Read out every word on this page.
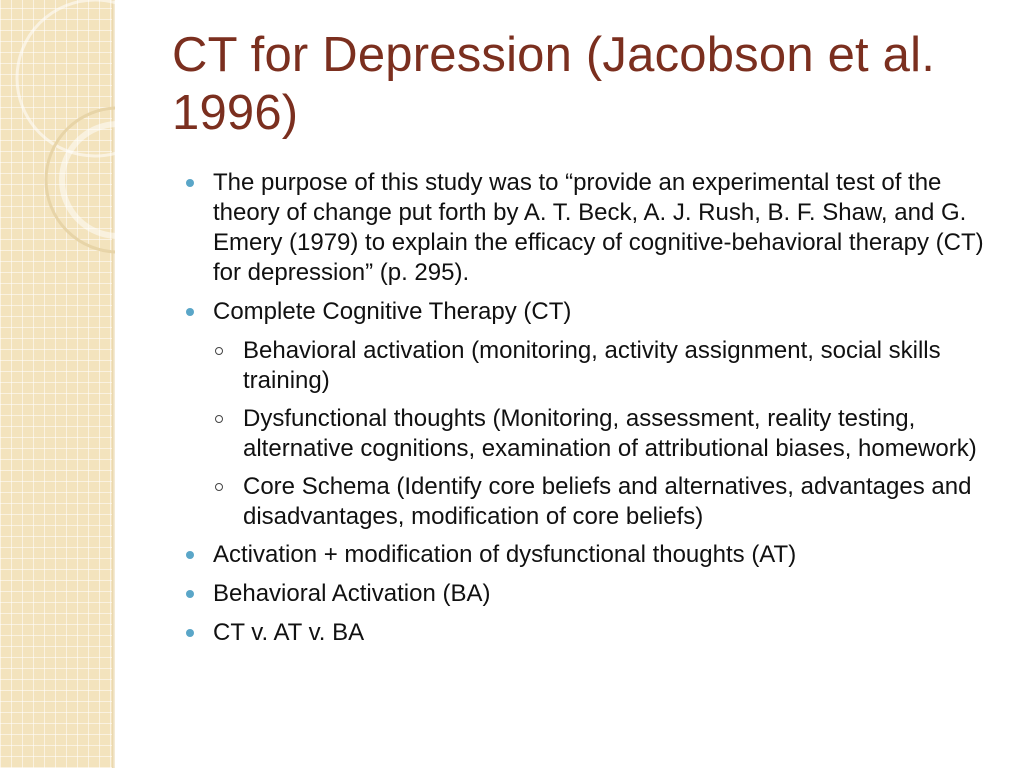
CT for Depression (Jacobson et al. 1996)
The purpose of this study was to “provide an experimental test of the theory of change put forth by A. T. Beck, A. J. Rush, B. F. Shaw, and G. Emery (1979) to explain the efficacy of cognitive-behavioral therapy (CT) for depression” (p. 295).
Complete Cognitive Therapy (CT)
Behavioral activation (monitoring, activity assignment, social skills training)
Dysfunctional thoughts (Monitoring, assessment, reality testing, alternative cognitions, examination of attributional biases, homework)
Core Schema (Identify core beliefs and alternatives, advantages and disadvantages, modification of core beliefs)
Activation + modification of dysfunctional thoughts (AT)
Behavioral Activation (BA)
CT v. AT v. BA
